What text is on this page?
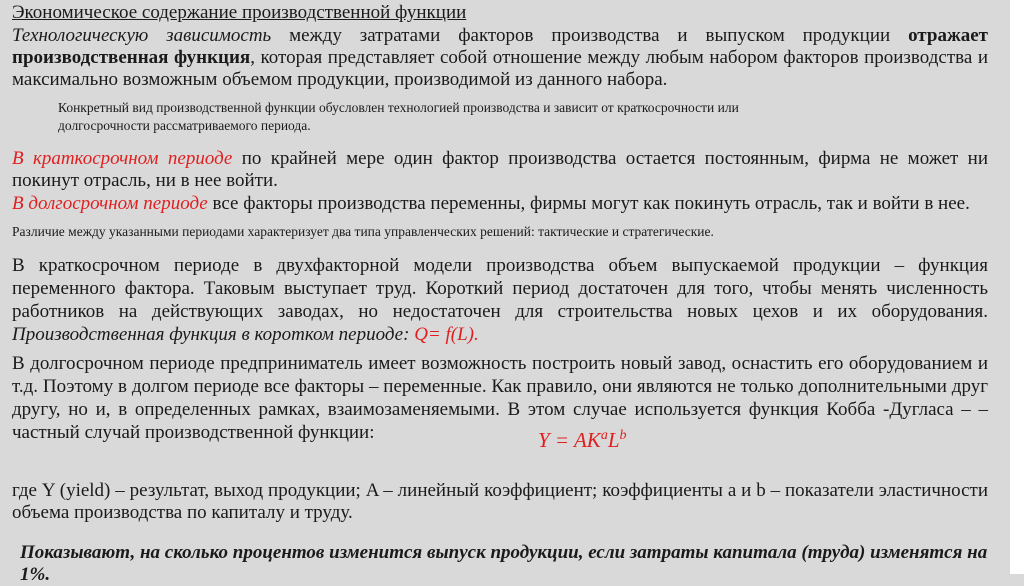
Экономическое содержание производственной функции

Технологическую зависимость между затратами факторов производства и выпуском продукции отражает производственная функция, которая представляет собой отношение между любым набором факторов производства и максимально возможным объемом продукции, производимой из данного набора.

Конкретный вид производственной функции обусловлен технологией производства и зависит от краткосрочности или долгосрочности рассматриваемого периода.

В краткосрочном периоде по крайней мере один фактор производства остается постоянным, фирма не может ни покинут отрасль, ни в нее войти.

В долгосрочном периоде все факторы производства переменны, фирмы могут как покинуть отрасль, так и войти в нее.

Различие между указанными периодами характеризует два типа управленческих решений: тактические и стратегические.

В краткосрочном периоде в двухфакторной модели производства объем выпускаемой продукции – функция переменного фактора. Таковым выступает труд. Короткий период достаточен для того, чтобы менять численность работников на действующих заводах, но недостаточен для строительства новых цехов и их оборудования. Производственная функция в коротком периоде: Q= f(L).

В долгосрочном периоде предприниматель имеет возможность построить новый завод, оснастить его оборудованием и т.д. Поэтому в долгом периоде все факторы – переменные. Как правило, они являются не только дополнительными друг другу, но и, в определенных рамках, взаимозаменяемыми. В этом случае используется функция Кобба -Дугласа – – частный случай производственной функции:	$Y = AK^aL^b$

где Y (yield) – результат, выход продукции; A – линейный коэффициент; коэффициенты a и b – показатели эластичности объема производства по капиталу и труду.

Показывают, на сколько процентов изменится выпуск продукции, если затраты капитала (труда) изменятся на 1%.
